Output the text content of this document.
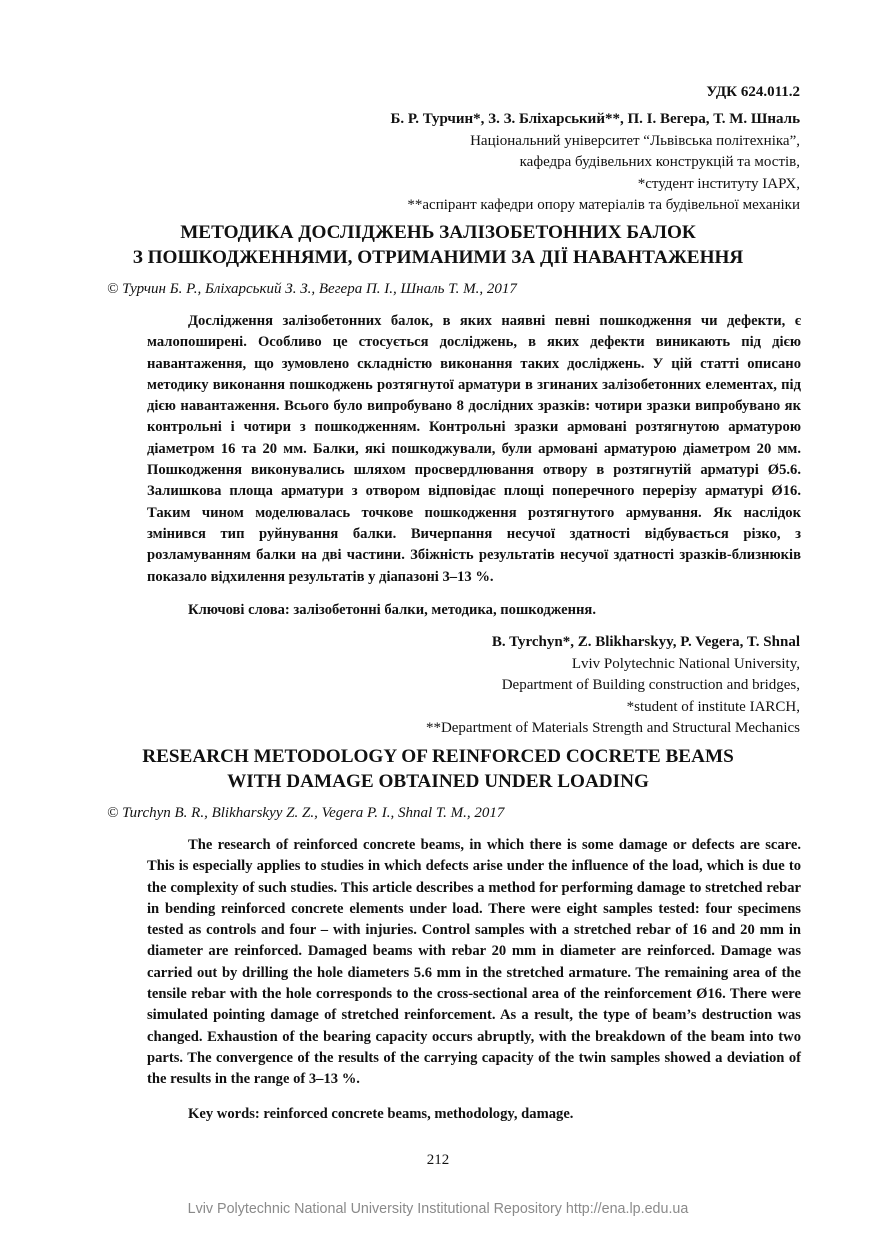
УДК 624.011.2
Б. Р. Турчин*, З. З. Бліхарський**, П. І. Вегера, Т. М. Шналь
Національний університет “Львівська політехніка”,
кафедра будівельних конструкцій та мостів,
*студент інституту ІАРХ,
**аспірант кафедри опору матеріалів та будівельної механіки
МЕТОДИКА ДОСЛІДЖЕНЬ ЗАЛІЗОБЕТОННИХ БАЛОК
З ПОШКОДЖЕННЯМИ, ОТРИМАНИМИ ЗА ДІЇ НАВАНТАЖЕННЯ
© Турчин Б. Р., Бліхарський З. З., Вегера П. І., Шналь Т. М., 2017

Дослідження залізобетонних балок, в яких наявні певні пошкодження чи дефекти, є малопоширені. Особливо це стосується досліджень, в яких дефекти виникають під дією навантаження, що зумовлено складністю виконання таких досліджень. У цій статті описано методику виконання пошкоджень розтягнутої арматури в згинаних залізобетонних елементах, під дією навантаження. Всього було випробувано 8 дослідних зразків: чотири зразки випробувано як контрольні і чотири з пошкодженням. Контрольні зразки армовані розтягнутою арматурою діаметром 16 та 20 мм. Балки, які пошкоджували, були армовані арматурою діаметром 20 мм. Пошкодження виконувались шляхом просвердлювання отвору в розтягнутій арматурі Ø5.6. Залишкова площа арматури з отвором відповідає площі поперечного перерізу арматурі Ø16. Таким чином моделювалась точкове пошкодження розтягнутого армування. Як наслідок змінився тип руйнування балки. Вичерпання несучої здатності відбувається різко, з розламуванням балки на дві частини. Збіжність результатів несучої здатності зразків-близнюків показало відхилення результатів у діапазоні 3–13 %.

Ключові слова: залізобетонні балки, методика, пошкодження.
B. Tyrchyn*, Z. Blikharskyy, P. Vegera, T. Shnal
Lviv Polytechnic National University,
Department of Building construction and bridges,
*student of institute IARCH,
**Department of Materials Strength and Structural Mechanics
RESEARCH METODOLOGY OF REINFORCED COCRETE BEAMS
WITH DAMAGE OBTAINED UNDER LOADING
© Turchyn B. R., Blikharskyy Z. Z., Vegera P. I., Shnal T. M., 2017

The research of reinforced concrete beams, in which there is some damage or defects are scare. This is especially applies to studies in which defects arise under the influence of the load, which is due to the complexity of such studies. This article describes a method for performing damage to stretched rebar in bending reinforced concrete elements under load. There were eight samples tested: four specimens tested as controls and four – with injuries. Control samples with a stretched rebar of 16 and 20 mm in diameter are reinforced. Damaged beams with rebar 20 mm in diameter are reinforced. Damage was carried out by drilling the hole diameters 5.6 mm in the stretched armature. The remaining area of the tensile rebar with the hole corresponds to the cross-sectional area of the reinforcement Ø16. There were simulated pointing damage of stretched reinforcement. As a result, the type of beam’s destruction was changed. Exhaustion of the bearing capacity occurs abruptly, with the breakdown of the beam into two parts. The convergence of the results of the carrying capacity of the twin samples showed a deviation of the results in the range of 3–13 %.

Key words: reinforced concrete beams, methodology, damage.
212
Lviv Polytechnic National University Institutional Repository http://ena.lp.edu.ua
